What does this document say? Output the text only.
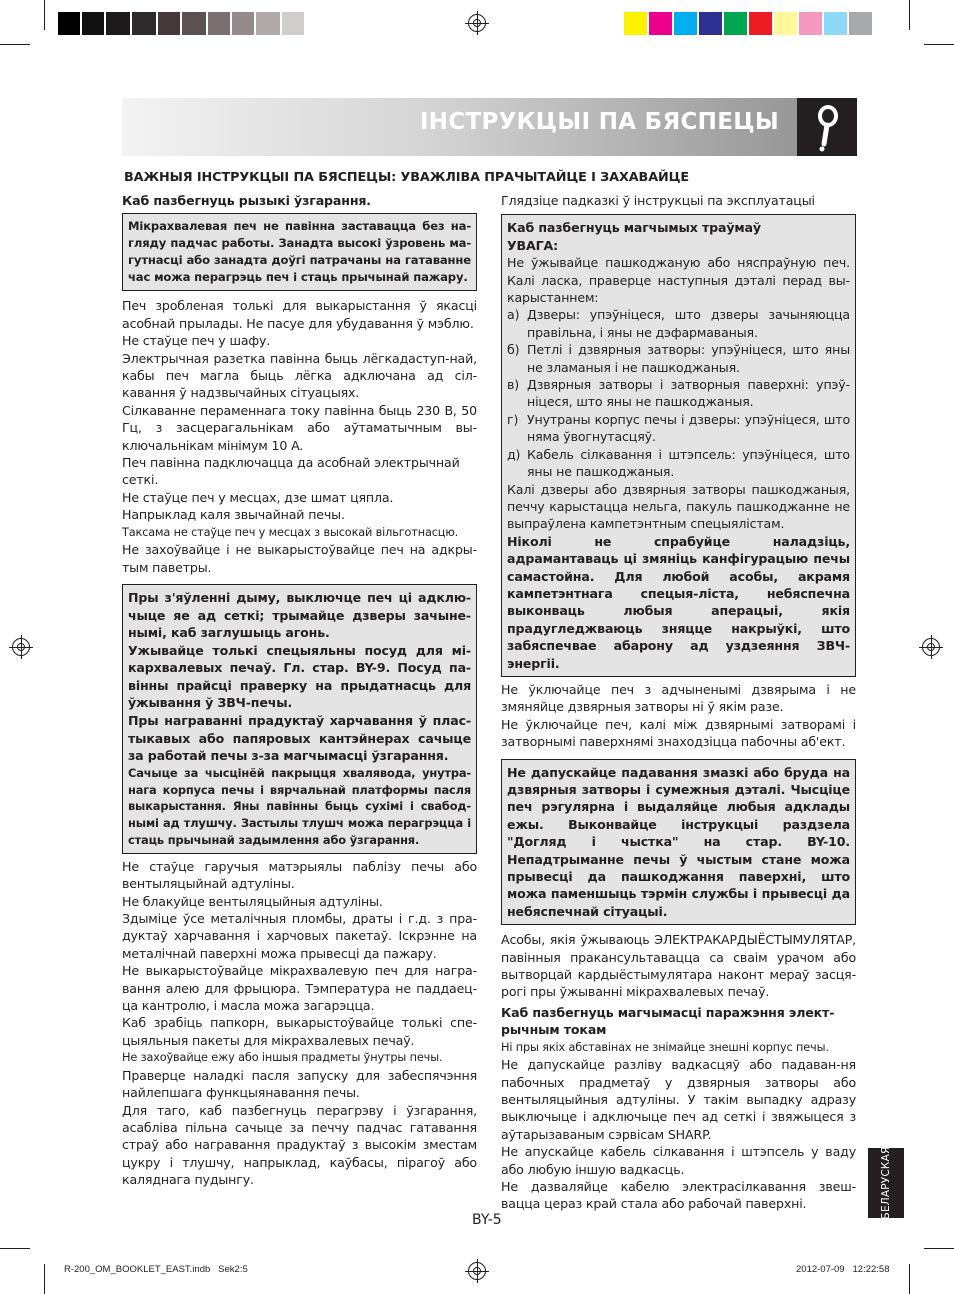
ІНСТРУКЦЫІ ПА БЯСПЕЦЫ
ВАЖНЫЯ ІНСТРУКЦЫІ ПА БЯСПЕЦЫ: УВАЖЛІВА ПРАЧЫТАЙЦЕ І ЗАХАВАЙЦЕ

Каб пазбегнуць рызыкі ўзгарання.

Мікрахвалевая печ не павінна заставацца без на-гляду падчас работы. Занадта высокі ўзровень ма-гутнасці або занадта доўгі патрачаны на гатаванне час можа перагрэць печ і стаць прычынай пажару.

Печ зробленая толькі для выкарыстання ў якасці асобнай прылады. Не пасуе для убудавання ў мэблю.

Не стаўце печ у шафу.

Электрычная разетка павінна быць лёгкадаступ-най, кабы печ магла быць лёгка адключана ад сіл-кавання ў надзвычайных сітуацыях.

Сілкаванне пераменнага току павінна быць 230 В, 50 Гц, з засцерагальнікам або аўтаматычным вы-ключальнікам мінімум 10 A.

Печ павінна падключацца да асобнай электрычнай сеткі.

Не стаўце печ у месцах, дзе шмат цяпла.

Напрыклад каля звычайнай печы.

Таксама не стаўце печ у месцах з высокай вільготнасцю.

Не захоўвайце і не выкарыстоўвайце печ на адкры-тым паветры.

Пры з'яўленні дыму, выключце печ ці адклю-чыце яе ад сеткі; трымайце дзверы зачыне-нымі, каб заглушыць агонь.

Ужывайце толькі спецыяльны посуд для мі-кархвалевых печаў. Гл. стар. BY-9. Посуд па-вінны прайсці праверку на прыдатнасць для ўжывання ў ЗВЧ-печы.

Пры награванні прадуктаў харчавання ў плас-тыкавых або папяровых кантэйнерах сачыце за работай печы з-за магчымасці ўзгарання.

Сачыце за чысцінёй пакрыцця хвалявода, унутра-нага корпуса печы і вярчальнай платформы пасля выкарыстання. Яны павінны быць сухімі і свабод-нымі ад тлушчу. Застылы тлушч можа перагрэцца і стаць прычынай задымлення або ўзгарання.

Не стаўце гаручыя матэрыялы паблізу печы або вентыляцыйнай адтуліны.

Не блакуйце вентыляцыйныя адтуліны.

Здыміце ўсе металічныя пломбы, драты і г.д. з пра-дуктаў харчавання і харчовых пакетаў. Іскрэнне на металічнай паверхні можа прывесці да пажару.

Не выкарыстоўвайце мікрахвалевую печ для награ-вання алею для фрыцюра. Тэмпература не паддаец-ца кантролю, і масла можа загарэцца.

Каб зрабіць папкорн, выкарыстоўвайце толькі спе-цыяльныя пакеты для мікрахвалевых печаў.

Не захоўвайце ежу або іншыя прадметы ўнутры печы.

Праверце наладкі пасля запуску для забеспячэння найлепшага функцыянавання печы.

Для таго, каб пазбегнуць перагрэву і ўзгарання, асабліва пільна сачыце за печчу падчас гатавання страў або награвання прадуктаў з высокім зместам цукру і тлушчу, напрыклад, каўбасы, пірагоў або каляднага пудынгу.

Глядзіце падказкі ў інструкцыі па эксплуатацыі

Каб пазбегнуць магчымых траўмаў

УВАГА:

Не ўжывайце пашкоджаную або няспраўную печ. Калі ласка, праверце наступныя дэталі перад вы-карыстаннем:

а) Дзверы: упэўніцеся, што дзверы зачыняюцца правільна, і яны не дэфармаваныя.
б) Петлі і дзвярныя затворы: упэўніцеся, што яны не зламаныя і не пашкоджаныя.
в) Дзвярныя затворы і затворныя паверхні: упэў-ніцеся, што яны не пашкоджаныя.
г) Унутраны корпус печы і дзверы: упэўніцеся, што няма ўвогнутасцяў.
д) Кабель сілкавання і штэпсель: упэўніцеся, што яны не пашкоджаныя.

Калі дзверы або дзвярныя затворы пашкоджаныя, печчу карыстацца нельга, пакуль пашкоджанне не выпраўлена кампетэнтным спецыялістам.

Ніколі не спрабуйце наладзіць, адрамантаваць ці змяніць канфігурацыю печы самастойна. Для любой асобы, акрамя кампетэнтнага спецыя-ліста, небяспечна выконваць любыя аперацыі, якія прадугледжваюць зняцце накрыўкі, што забяспечвае абарону ад уздзеяння ЗВЧ-энергіі.

Не ўключайце печ з адчыненымі дзвярыма і не змяняйце дзвярныя затворы ні ў якім разе.

Не ўключайце печ, калі між дзвярнымі затворамі і затворнымі паверхнямі знаходзіцца пабочны аб'ект.

Не дапускайце падавання змазкі або бруда на дзвярныя затворы і сумежныя дэталі. Чысціце печ рэгулярна і выдаляйце любыя адклады ежы. Выконвайце інструкцыі раздзела "Догляд і чыстка" на стар. BY-10. Непадтрыманне печы ў чыстым стане можа прывесці да пашкоджання паверхні, што можа паменшыць тэрмін службы і прывесці да небяспечнай сітуацыі.

Асобы, якія ўжываюць ЭЛЕКТРАКАРДЫЁСТЫМУЛЯТАР, павінныя пракансультавацца са сваім урачом або вытворцай кардыёстымулятара наконт мераў засця-рогі пры ўжыванні мікрахвалевых печаў.

Каб пазбегнуць магчымасці паражэння элект-рычным токам

Ні пры якіх абставінах не знімайце знешні корпус печы.

Не дапускайце разліву вадкасцяў або падаван-ня пабочных прадметаў у дзвярныя затворы або вентыляцыйныя адтуліны. У такім выпадку адразу выключыце і адключыце печ ад сеткі і звяжыцеся з аўтарызаваным сэрвісам SHARP.

Не апускайце кабель сілкавання і штэпсель у ваду або любую іншую вадкасць.

Не дазваляйце кабелю электрасілкавання звеш-вацца цераз край стала або рабочай паверхні.	БЕЛАРУСКАЯ
BY-5
R-200_OM_BOOKLET_EAST.indb   Sek2:5	2012-07-09   12:22:58
